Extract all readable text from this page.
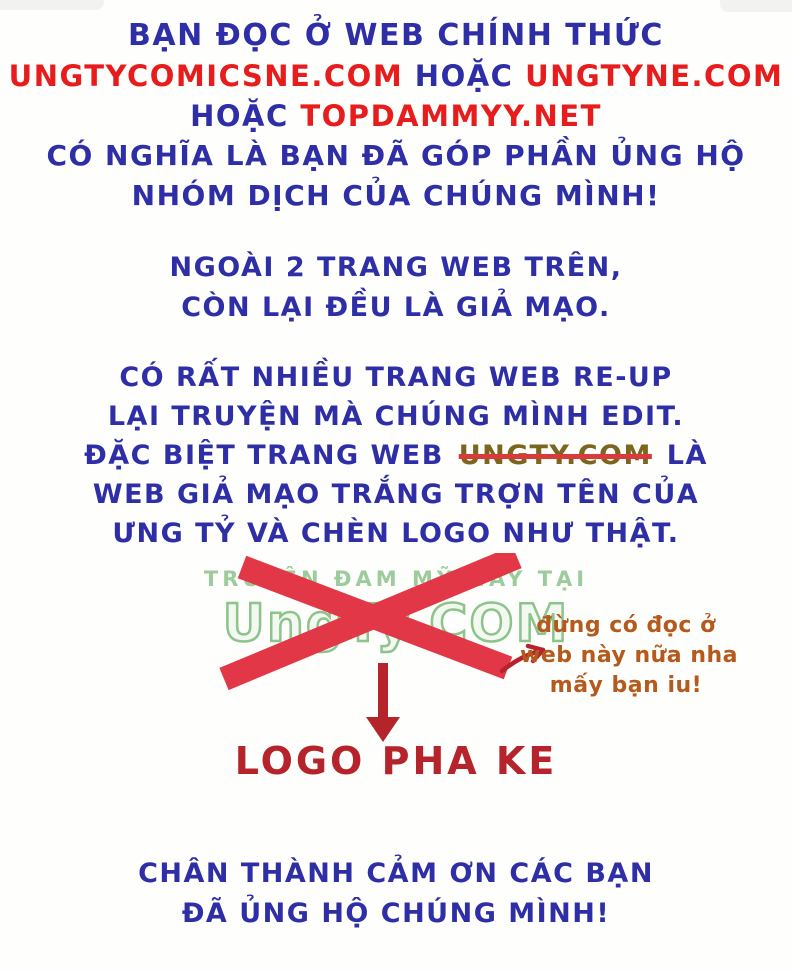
BẠN ĐỌC Ở WEB CHÍNH THỨC
UNGTYCOMICSNE.COM HOẶC UNGTYNE.COM
HOẶC TOPDAMMYY.NET
CÓ NGHĨA LÀ BẠN ĐÃ GÓP PHẦN ỦNG HỘ
NHÓM DỊCH CỦA CHÚNG MÌNH!
NGOÀI 2 TRANG WEB TRÊN,
CÒN LẠI ĐỀU LÀ GIẢ MẠO.
CÓ RẤT NHIỀU TRANG WEB RE-UP
LẠI TRUYỆN MÀ CHÚNG MÌNH EDIT.
ĐẶC BIỆT TRANG WEB UNGTY.COM LÀ
WEB GIẢ MẠO TRẮNG TRỢN TÊN CỦA
ƯNG TỶ VÀ CHÈN LOGO NHƯ THẬT.
TRUYỆN ĐAM MỸ HAY TẠI
UngTy.COM
đừng có đọc ở
web này nữa nha
mấy bạn iu!
LOGO PHA KE
CHÂN THÀNH CẢM ƠN CÁC BẠN
ĐÃ ỦNG HỘ CHÚNG MÌNH!
